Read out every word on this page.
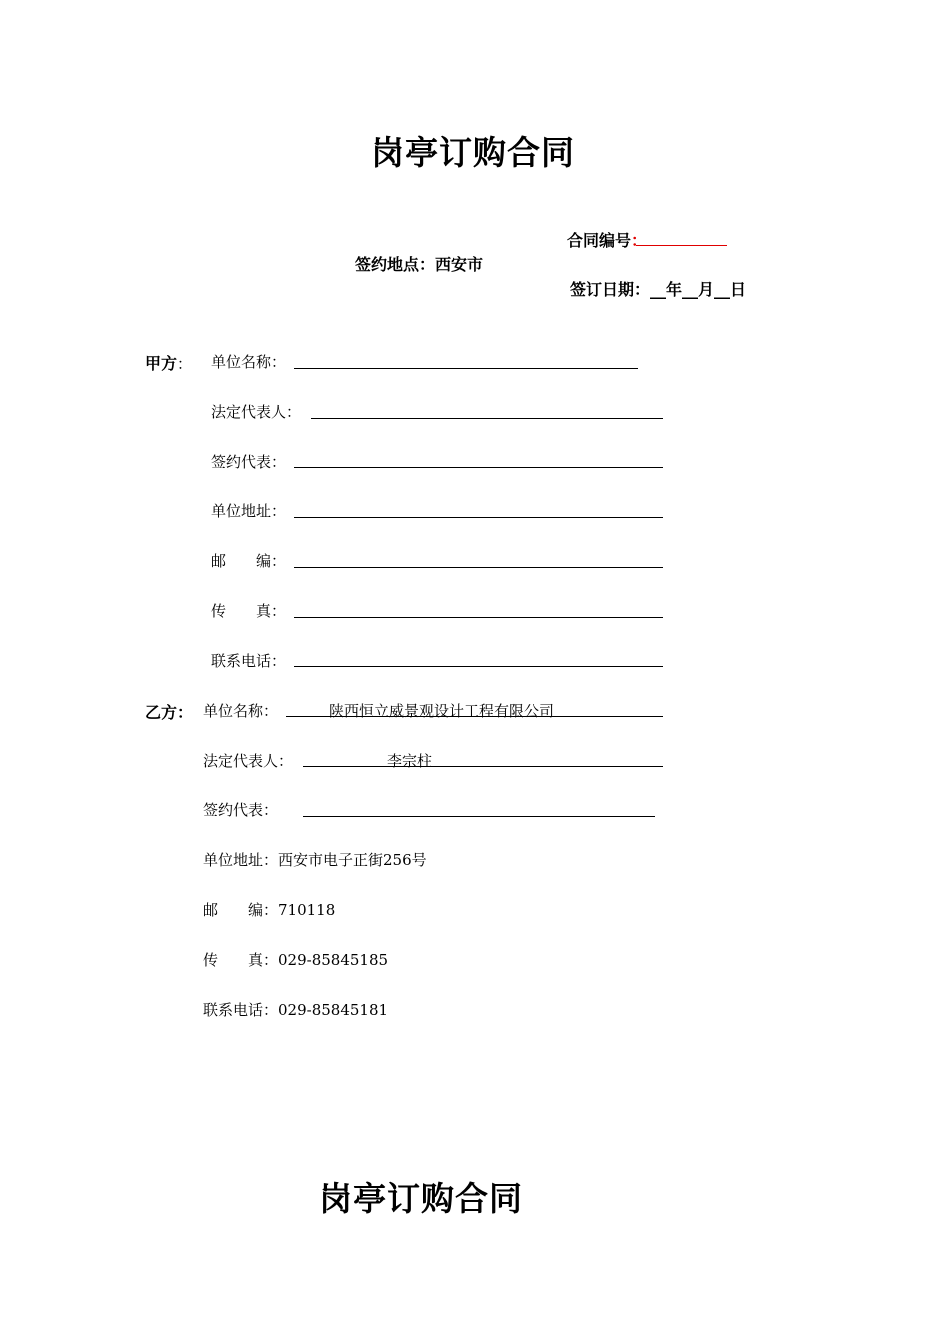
岗亭订购合同
合同编号：
签约地点：西安市
签订日期：__年__月__日
甲方： 单位名称：
法定代表人：
签约代表：
单位地址：
邮　　编：
传　　真：
联系电话：
乙方： 单位名称：	陕西恒立威景观设计工程有限公司
法定代表人：	李宗柱
签约代表：
单位地址：西安市电子正街256号
邮　　编：710118
传　　真：029-85845185
联系电话：029-85845181
岗亭订购合同
